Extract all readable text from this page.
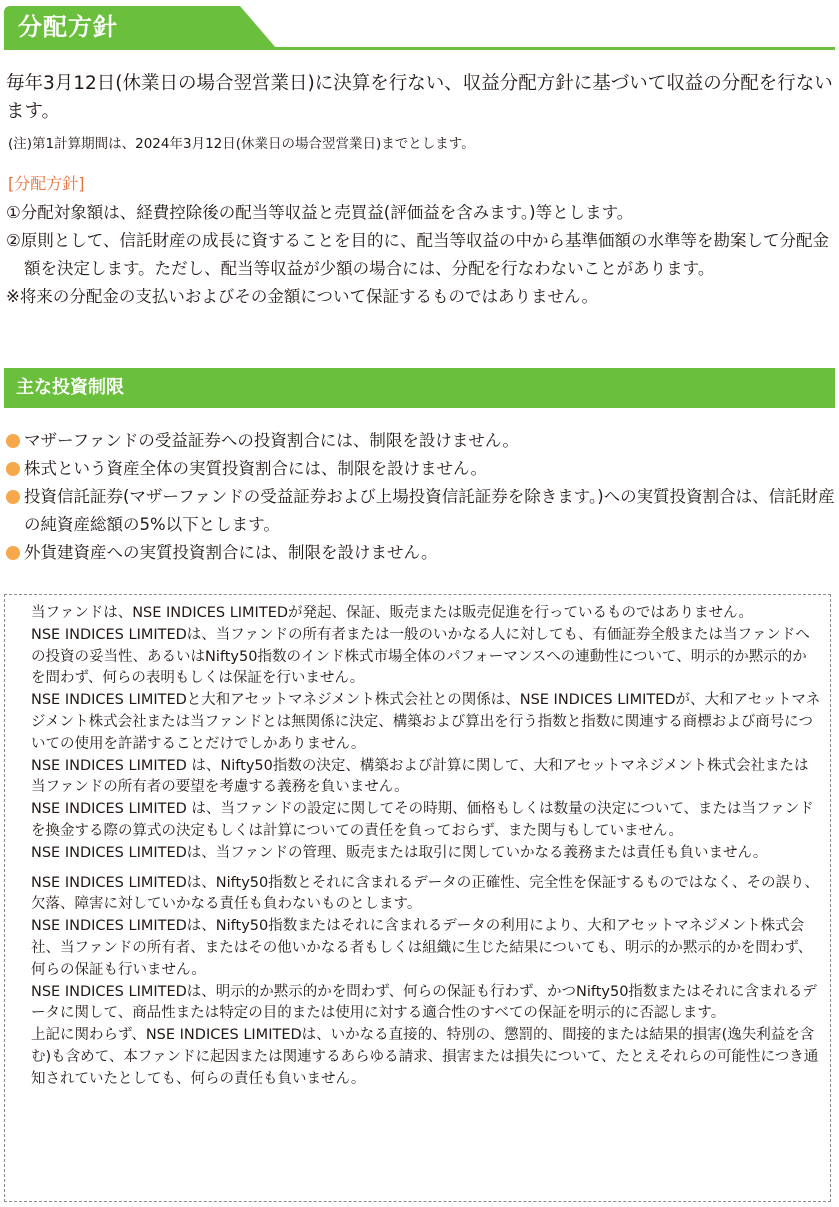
分配方針

毎年3月12日(休業日の場合翌営業日)に決算を行ない、収益分配方針に基づいて収益の分配を行ないます。

(注)第1計算期間は、2024年3月12日(休業日の場合翌営業日)までとします。

[分配方針]

①分配対象額は、経費控除後の配当等収益と売買益(評価益を含みます。)等とします。
②原則として、信託財産の成長に資することを目的に、配当等収益の中から基準価額の水準等を勘案して分配金額を決定します。ただし、配当等収益が少額の場合には、分配を行なわないことがあります。
※将来の分配金の支払いおよびその金額について保証するものではありません。
主な投資制限
マザーファンドの受益証券への投資割合には、制限を設けません。
株式という資産全体の実質投資割合には、制限を設けません。
投資信託証券(マザーファンドの受益証券および上場投資信託証券を除きます。)への実質投資割合は、信託財産の純資産総額の5%以下とします。
外貨建資産への実質投資割合には、制限を設けません。

当ファンドは、NSE INDICES LIMITEDが発起、保証、販売または販売促進を行っているものではありません。

NSE INDICES LIMITEDは、当ファンドの所有者または一般のいかなる人に対しても、有価証券全般または当ファンドへの投資の妥当性、あるいはNifty50指数のインド株式市場全体のパフォーマンスへの連動性について、明示的か黙示的かを問わず、何らの表明もしくは保証を行いません。

NSE INDICES LIMITEDと大和アセットマネジメント株式会社との関係は、NSE INDICES LIMITEDが、大和アセットマネジメント株式会社または当ファンドとは無関係に決定、構築および算出を行う指数と指数に関連する商標および商号についての使用を許諾することだけでしかありません。

NSE INDICES LIMITED は、Nifty50指数の決定、構築および計算に関して、大和アセットマネジメント株式会社または当ファンドの所有者の要望を考慮する義務を負いません。

NSE INDICES LIMITED は、当ファンドの設定に関してその時期、価格もしくは数量の決定について、または当ファンドを換金する際の算式の決定もしくは計算についての責任を負っておらず、また関与もしていません。

NSE INDICES LIMITEDは、当ファンドの管理、販売または取引に関していかなる義務または責任も負いません。

NSE INDICES LIMITEDは、Nifty50指数とそれに含まれるデータの正確性、完全性を保証するものではなく、その誤り、欠落、障害に対していかなる責任も負わないものとします。

NSE INDICES LIMITEDは、Nifty50指数またはそれに含まれるデータの利用により、大和アセットマネジメント株式会社、当ファンドの所有者、またはその他いかなる者もしくは組織に生じた結果についても、明示的か黙示的かを問わず、何らの保証も行いません。

NSE INDICES LIMITEDは、明示的か黙示的かを問わず、何らの保証も行わず、かつNifty50指数またはそれに含まれるデータに関して、商品性または特定の目的または使用に対する適合性のすべての保証を明示的に否認します。

上記に関わらず、NSE INDICES LIMITEDは、いかなる直接的、特別の、懲罰的、間接的または結果的損害(逸失利益を含む)も含めて、本ファンドに起因または関連するあらゆる請求、損害または損失について、たとえそれらの可能性につき通知されていたとしても、何らの責任も負いません。
